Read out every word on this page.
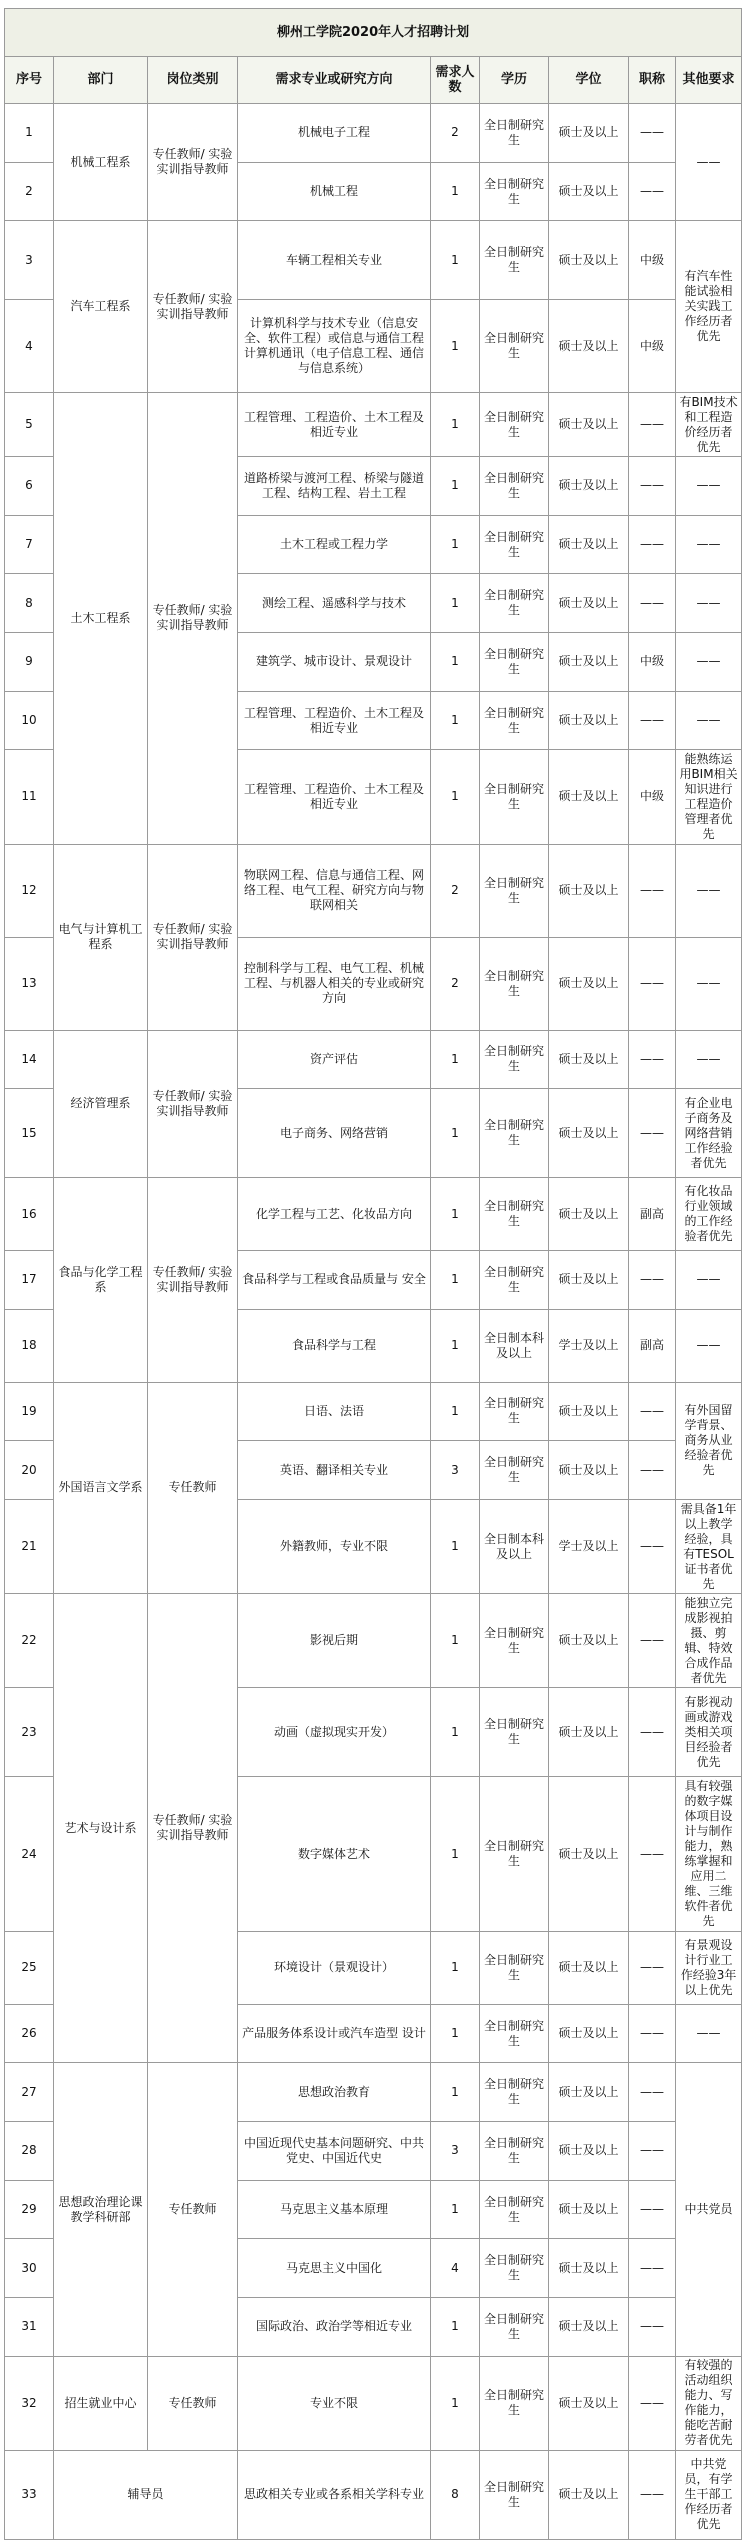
柳州工学院2020年人才招聘计划								
序号	部门	岗位类别	需求专业或研究方向	需求人数	学历	学位	职称	其他要求
1	机械工程系	专任教师/ 实验实训指导教师	机械电子工程	2	全日制研究生	硕士及以上	——	——
2			机械工程	1	全日制研究生	硕士及以上	——	
3	汽车工程系	专任教师/ 实验实训指导教师	车辆工程相关专业	1	全日制研究生	硕士及以上	中级	有汽车性能试验相关实践工作经历者优先
4			计算机科学与技术专业（信息安全、软件工程）或信息与通信工程计算机通讯（电子信息工程、通信与信息系统）	1	全日制研究生	硕士及以上	中级	
5	土木工程系	专任教师/ 实验实训指导教师	工程管理、工程造价、土木工程及相近专业	1	全日制研究生	硕士及以上	——	有BIM技术和工程造价经历者优先
6			道路桥梁与渡河工程、桥梁与隧道工程、结构工程、岩土工程	1	全日制研究生	硕士及以上	——	——
7			土木工程或工程力学	1	全日制研究生	硕士及以上	——	——
8			测绘工程、遥感科学与技术	1	全日制研究生	硕士及以上	——	——
9			建筑学、城市设计、景观设计	1	全日制研究生	硕士及以上	中级	——
10			工程管理、工程造价、土木工程及相近专业	1	全日制研究生	硕士及以上	——	——
11			工程管理、工程造价、土木工程及相近专业	1	全日制研究生	硕士及以上	中级	能熟练运用BIM相关知识进行工程造价管理者优先
12	电气与计算机工程系	专任教师/ 实验实训指导教师	物联网工程、信息与通信工程、网络工程、电气工程、研究方向与物联网相关	2	全日制研究生	硕士及以上	——	——
13			控制科学与工程、电气工程、机械工程、与机器人相关的专业或研究方向	2	全日制研究生	硕士及以上	——	——
14	经济管理系	专任教师/ 实验实训指导教师	资产评估	1	全日制研究生	硕士及以上	——	——
15			电子商务、网络营销	1	全日制研究生	硕士及以上	——	有企业电子商务及网络营销工作经验者优先
16	食品与化学工程系	专任教师/ 实验实训指导教师	化学工程与工艺、化妆品方向	1	全日制研究生	硕士及以上	副高	有化妆品行业领域的工作经验者优先
17			食品科学与工程或食品质量与 安全	1	全日制研究生	硕士及以上	——	——
18			食品科学与工程	1	全日制本科及以上	学士及以上	副高	——
19	外国语言文学系	专任教师	日语、法语	1	全日制研究生	硕士及以上	——	有外国留学背景、商务从业经验者优先
20			英语、翻译相关专业	3	全日制研究生	硕士及以上	——	
21			外籍教师，专业不限	1	全日制本科及以上	学士及以上	——	需具备1年以上教学经验，具有TESOL证书者优先
22	艺术与设计系	专任教师/ 实验实训指导教师	影视后期	1	全日制研究生	硕士及以上	——	能独立完成影视拍摄、剪辑、特效合成作品者优先
23			动画（虚拟现实开发）	1	全日制研究生	硕士及以上	——	有影视动画或游戏类相关项目经验者优先
24			数字媒体艺术	1	全日制研究生	硕士及以上	——	具有较强的数字媒体项目设计与制作能力，熟练掌握和应用二维、三维软件者优先
25			环境设计（景观设计）	1	全日制研究生	硕士及以上	——	有景观设计行业工作经验3年以上优先
26			产品服务体系设计或汽车造型 设计	1	全日制研究生	硕士及以上	——	——
27	思想政治理论课教学科研部	专任教师	思想政治教育	1	全日制研究生	硕士及以上	——	中共党员
28			中国近现代史基本问题研究、中共党史、中国近代史	3	全日制研究生	硕士及以上	——	
29			马克思主义基本原理	1	全日制研究生	硕士及以上	——	
30			马克思主义中国化	4	全日制研究生	硕士及以上	——	
31			国际政治、政治学等相近专业	1	全日制研究生	硕士及以上	——	
32	招生就业中心	专任教师	专业不限	1	全日制研究生	硕士及以上	——	有较强的活动组织能力、写作能力，能吃苦耐劳者优先
33	辅导员		思政相关专业或各系相关学科专业	8	全日制研究生	硕士及以上	——	中共党员，有学生干部工作经历者优先
